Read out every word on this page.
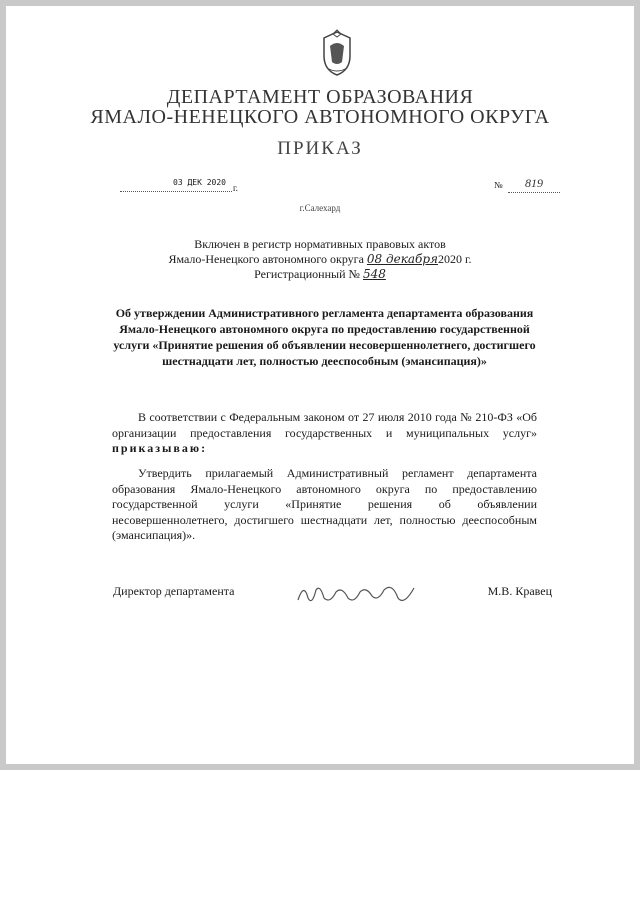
ДЕПАРТАМЕНТ ОБРАЗОВАНИЯ
ЯМАЛО-НЕНЕЦКОГО АВТОНОМНОГО ОКРУГА
ПРИКАЗ
03 ДЕК 2020
г.	№	819
г.Салехард
Включен в регистр нормативных правовых актов
Ямало-Ненецкого автономного округа 08 декабря2020 г.
Регистрационный № 548
Об утверждении Административного регламента департамента образования Ямало-Ненецкого автономного округа по предоставлению государственной услуги «Принятие решения об объявлении несовершеннолетнего, достигшего шестнадцати лет, полностью дееспособным (эмансипация)»
В соответствии с Федеральным законом от 27 июля 2010 года № 210-ФЗ «Об организации предоставления государственных и муниципальных услуг» приказываю:
Утвердить прилагаемый Административный регламент департамента образования Ямало-Ненецкого автономного округа по предоставлению государственной услуги «Принятие решения об объявлении несовершеннолетнего, достигшего шестнадцати лет, полностью дееспособным (эмансипация)».
Директор департамента	М.В. Кравец
